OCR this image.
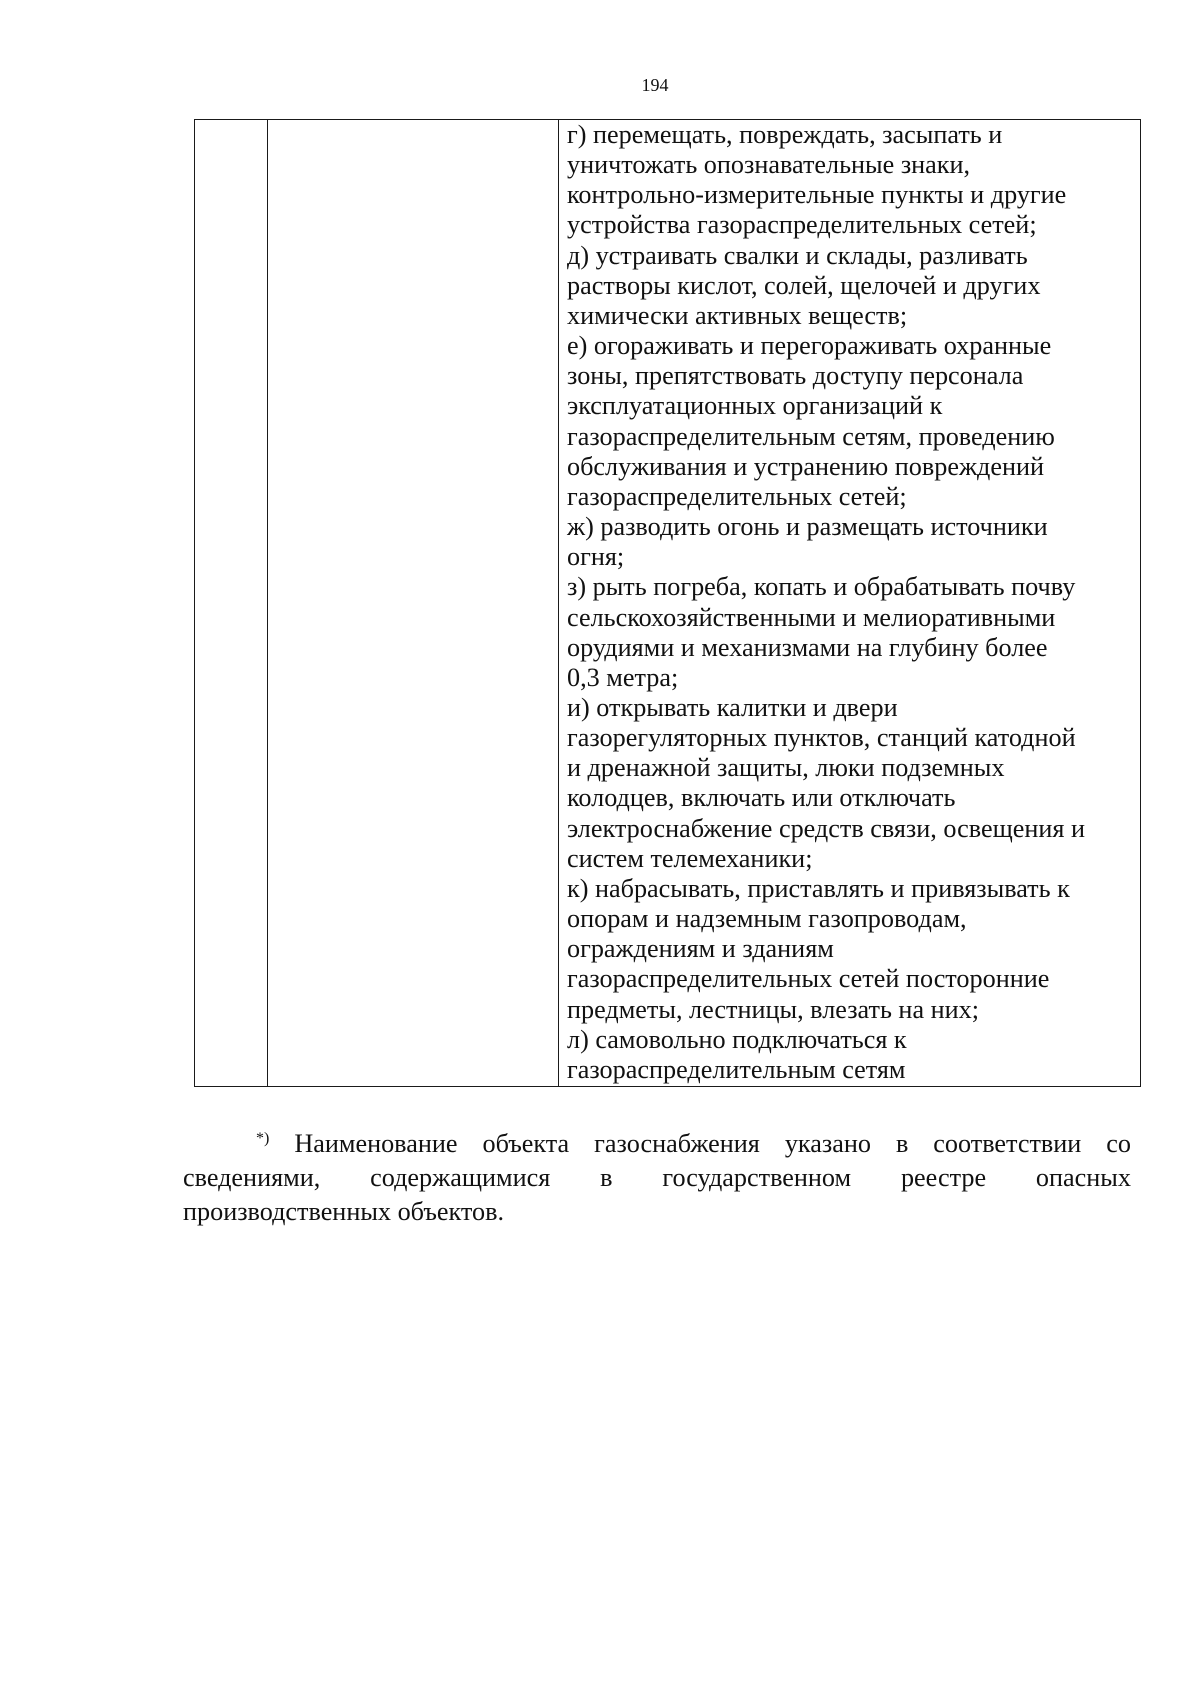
194
г) перемещать, повреждать, засыпать и
уничтожать опознавательные знаки,
контрольно-измерительные пункты и другие
устройства газораспределительных сетей;
д) устраивать свалки и склады, разливать
растворы кислот, солей, щелочей и других
химически активных веществ;
е) огораживать и перегораживать охранные
зоны, препятствовать доступу персонала
эксплуатационных организаций к
газораспределительным сетям, проведению
обслуживания и устранению повреждений
газораспределительных сетей;
ж) разводить огонь и размещать источники
огня;
з) рыть погреба, копать и обрабатывать почву
сельскохозяйственными и мелиоративными
орудиями и механизмами на глубину более
0,3 метра;
и) открывать калитки и двери
газорегуляторных пунктов, станций катодной
и дренажной защиты, люки подземных
колодцев, включать или отключать
электроснабжение средств связи, освещения и
систем телемеханики;
к) набрасывать, приставлять и привязывать к
опорам и надземным газопроводам,
ограждениям и зданиям
газораспределительных сетей посторонние
предметы, лестницы, влезать на них;
л) самовольно подключаться к
газораспределительным сетям
*) Наименование объекта газоснабжения указано в соответствии со
сведениями, содержащимися в государственном реестре опасных
производственных объектов.
